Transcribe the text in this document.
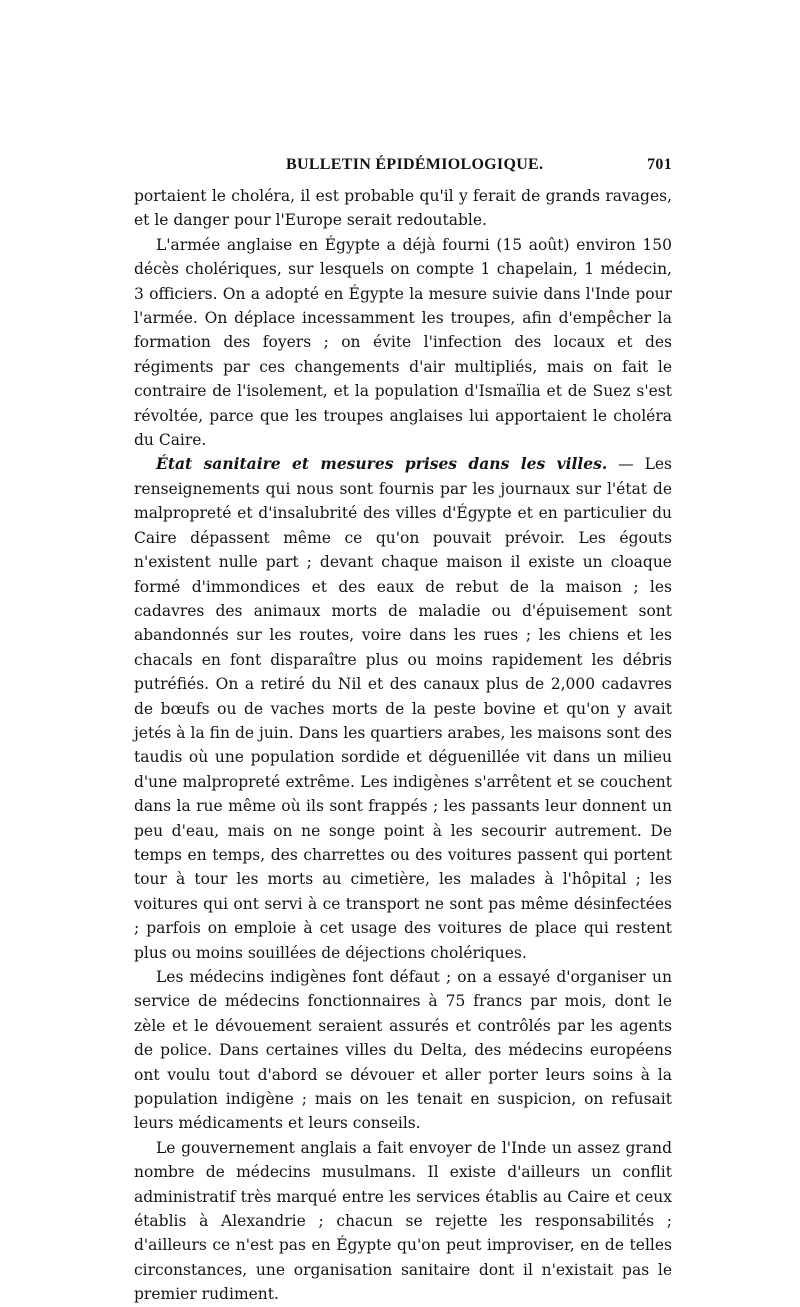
BULLETIN ÉPIDÉMIOLOGIQUE.	701

portaient le choléra, il est probable qu'il y ferait de grands ravages, et le danger pour l'Europe serait redoutable.

L'armée anglaise en Égypte a déjà fourni (15 août) environ 150 décès cholériques, sur lesquels on compte 1 chapelain, 1 médecin, 3 officiers. On a adopté en Égypte la mesure suivie dans l'Inde pour l'armée. On déplace incessamment les troupes, afin d'empêcher la formation des foyers ; on évite l'infection des locaux et des régiments par ces changements d'air multipliés, mais on fait le contraire de l'isolement, et la population d'Ismaïlia et de Suez s'est révoltée, parce que les troupes anglaises lui apportaient le choléra du Caire.

État sanitaire et mesures prises dans les villes. — Les renseignements qui nous sont fournis par les journaux sur l'état de malpropreté et d'insalubrité des villes d'Égypte et en particulier du Caire dépassent même ce qu'on pouvait prévoir. Les égouts n'existent nulle part ; devant chaque maison il existe un cloaque formé d'immondices et des eaux de rebut de la maison ; les cadavres des animaux morts de maladie ou d'épuisement sont abandonnés sur les routes, voire dans les rues ; les chiens et les chacals en font disparaître plus ou moins rapidement les débris putréfiés. On a retiré du Nil et des canaux plus de 2,000 cadavres de bœufs ou de vaches morts de la peste bovine et qu'on y avait jetés à la fin de juin. Dans les quartiers arabes, les maisons sont des taudis où une population sordide et déguenillée vit dans un milieu d'une malpropreté extrême. Les indigènes s'arrêtent et se couchent dans la rue même où ils sont frappés ; les passants leur donnent un peu d'eau, mais on ne songe point à les secourir autrement. De temps en temps, des charrettes ou des voitures passent qui portent tour à tour les morts au cimetière, les malades à l'hôpital ; les voitures qui ont servi à ce transport ne sont pas même désinfectées ; parfois on emploie à cet usage des voitures de place qui restent plus ou moins souillées de déjections cholériques.

Les médecins indigènes font défaut ; on a essayé d'organiser un service de médecins fonctionnaires à 75 francs par mois, dont le zèle et le dévouement seraient assurés et contrôlés par les agents de police. Dans certaines villes du Delta, des médecins européens ont voulu tout d'abord se dévouer et aller porter leurs soins à la population indigène ; mais on les tenait en suspicion, on refusait leurs médicaments et leurs conseils.

Le gouvernement anglais a fait envoyer de l'Inde un assez grand nombre de médecins musulmans. Il existe d'ailleurs un conflit administratif très marqué entre les services établis au Caire et ceux établis à Alexandrie ; chacun se rejette les responsabilités ; d'ailleurs ce n'est pas en Égypte qu'on peut improviser, en de telles circonstances, une organisation sanitaire dont il n'existait pas le premier rudiment.
